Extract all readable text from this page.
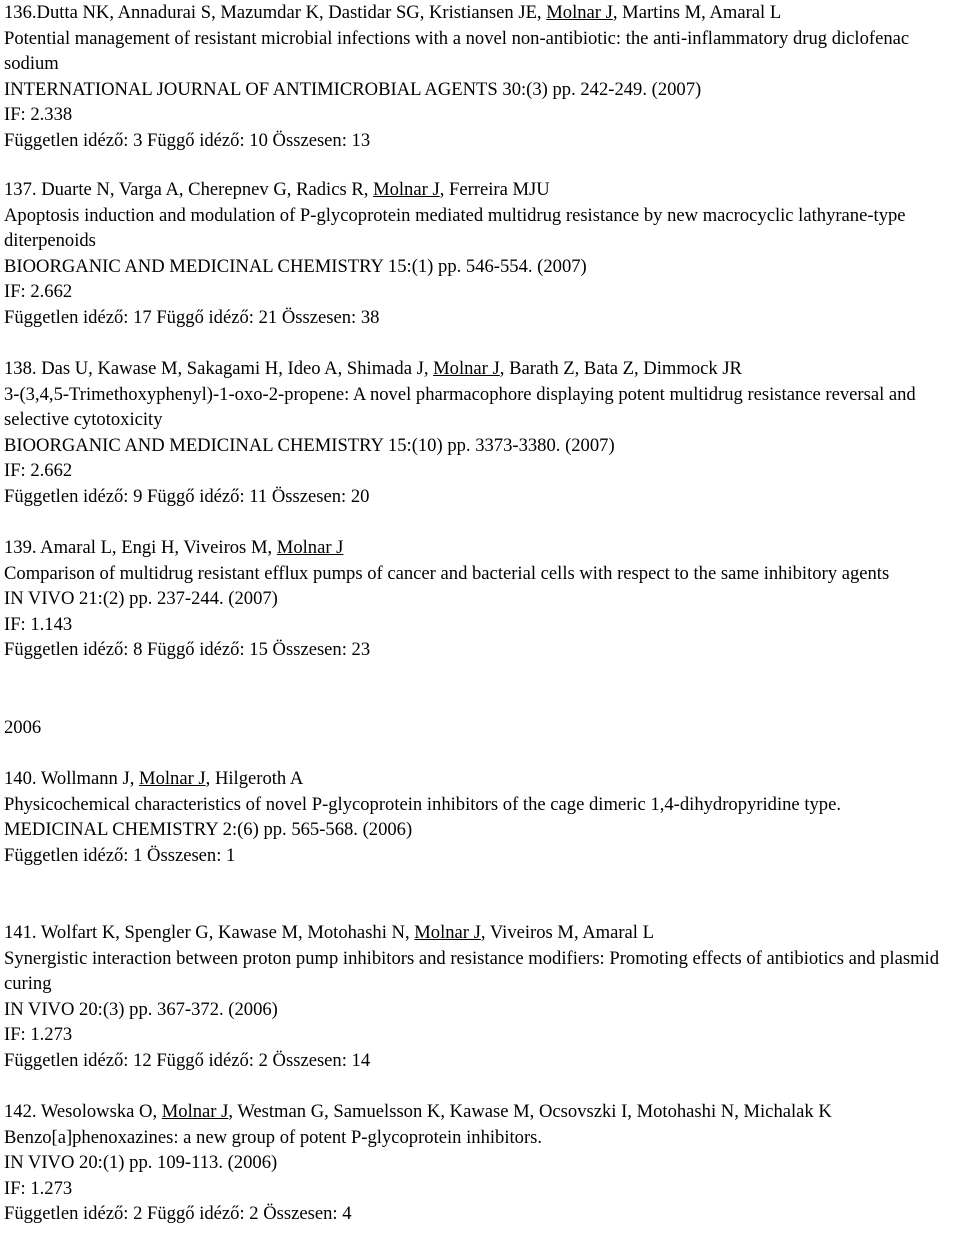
136.Dutta NK, Annadurai S, Mazumdar K, Dastidar SG, Kristiansen JE, Molnar J, Martins M, Amaral L
Potential management of resistant microbial infections with a novel non-antibiotic: the anti-inflammatory drug diclofenac sodium
INTERNATIONAL JOURNAL OF ANTIMICROBIAL AGENTS 30:(3) pp. 242-249. (2007)
IF: 2.338
Független idéző: 3 Függő idéző: 10 Összesen: 13
137. Duarte N, Varga A, Cherepnev G, Radics R, Molnar J, Ferreira MJU
Apoptosis induction and modulation of P-glycoprotein mediated multidrug resistance by new macrocyclic lathyrane-type diterpenoids
BIOORGANIC AND MEDICINAL CHEMISTRY 15:(1) pp. 546-554. (2007)
IF: 2.662
Független idéző: 17 Függő idéző: 21 Összesen: 38
138. Das U, Kawase M, Sakagami H, Ideo A, Shimada J, Molnar J, Barath Z, Bata Z, Dimmock JR
3-(3,4,5-Trimethoxyphenyl)-1-oxo-2-propene: A novel pharmacophore displaying potent multidrug resistance reversal and selective cytotoxicity
BIOORGANIC AND MEDICINAL CHEMISTRY 15:(10) pp. 3373-3380. (2007)
IF: 2.662
Független idéző: 9 Függő idéző: 11 Összesen: 20
139. Amaral L, Engi H, Viveiros M, Molnar J
Comparison of multidrug resistant efflux pumps of cancer and bacterial cells with respect to the same inhibitory agents
IN VIVO 21:(2) pp. 237-244. (2007)
IF: 1.143
Független idéző: 8 Függő idéző: 15 Összesen: 23
2006
140. Wollmann J, Molnar J, Hilgeroth A
Physicochemical characteristics of novel P-glycoprotein inhibitors of the cage dimeric 1,4-dihydropyridine type.
MEDICINAL CHEMISTRY 2:(6) pp. 565-568. (2006)
Független idéző: 1 Összesen: 1
141. Wolfart K, Spengler G, Kawase M, Motohashi N, Molnar J, Viveiros M, Amaral L
Synergistic interaction between proton pump inhibitors and resistance modifiers: Promoting effects of antibiotics and plasmid curing
IN VIVO 20:(3) pp. 367-372. (2006)
IF: 1.273
Független idéző: 12 Függő idéző: 2 Összesen: 14
142. Wesolowska O, Molnar J, Westman G, Samuelsson K, Kawase M, Ocsovszki I, Motohashi N, Michalak K
Benzo[a]phenoxazines: a new group of potent P-glycoprotein inhibitors.
IN VIVO 20:(1) pp. 109-113. (2006)
IF: 1.273
Független idéző: 2 Függő idéző: 2 Összesen: 4
